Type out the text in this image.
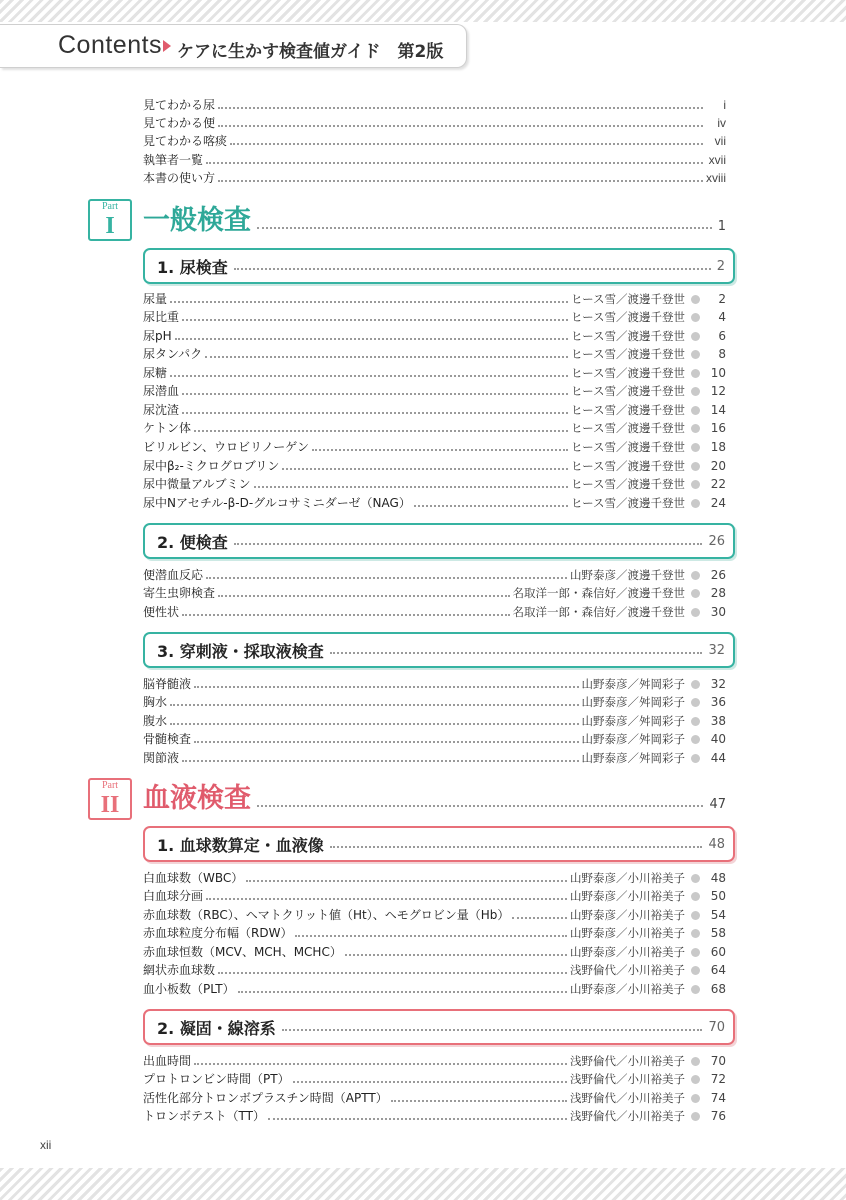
Contents ケアに生かす検査値ガイド　第2版
見てわかる尿	i
見てわかる便	iv
見てわかる喀痰	vii
執筆者一覧	xvii
本書の使い方	xviii
Part
I	一般検査	1
1. 尿検査	2
尿量	ヒース雪／渡邊千登世	2
尿比重	ヒース雪／渡邊千登世	4
尿pH	ヒース雪／渡邊千登世	6
尿タンパク	ヒース雪／渡邊千登世	8
尿糖	ヒース雪／渡邊千登世	10
尿潜血	ヒース雪／渡邊千登世	12
尿沈渣	ヒース雪／渡邊千登世	14
ケトン体	ヒース雪／渡邊千登世	16
ビリルビン、ウロビリノーゲン	ヒース雪／渡邊千登世	18
尿中β₂-ミクログロブリン	ヒース雪／渡邊千登世	20
尿中微量アルブミン	ヒース雪／渡邊千登世	22
尿中Nアセチル-β-D-グルコサミニダーゼ（NAG）	ヒース雪／渡邊千登世	24
2. 便検査	26
便潜血反応	山野泰彦／渡邊千登世	26
寄生虫卵検査	名取洋一郎・森信好／渡邊千登世	28
便性状	名取洋一郎・森信好／渡邊千登世	30
3. 穿刺液・採取液検査	32
脳脊髄液	山野泰彦／舛岡彩子	32
胸水	山野泰彦／舛岡彩子	36
腹水	山野泰彦／舛岡彩子	38
骨髄検査	山野泰彦／舛岡彩子	40
関節液	山野泰彦／舛岡彩子	44
Part
II 血液検査	47
1. 血球数算定・血液像	48
白血球数（WBC）	山野泰彦／小川裕美子	48
白血球分画	山野泰彦／小川裕美子	50
赤血球数（RBC）、ヘマトクリット値（Ht）、ヘモグロビン量（Hb）	山野泰彦／小川裕美子	54
赤血球粒度分布幅（RDW）	山野泰彦／小川裕美子	58
赤血球恒数（MCV、MCH、MCHC）	山野泰彦／小川裕美子	60
網状赤血球数	浅野倫代／小川裕美子	64
血小板数（PLT）	山野泰彦／小川裕美子	68
2. 凝固・線溶系	70
出血時間	浅野倫代／小川裕美子	70
プロトロンビン時間（PT）	浅野倫代／小川裕美子	72
活性化部分トロンボプラスチン時間（APTT）	浅野倫代／小川裕美子	74
トロンボテスト（TT）	浅野倫代／小川裕美子	76
xii
